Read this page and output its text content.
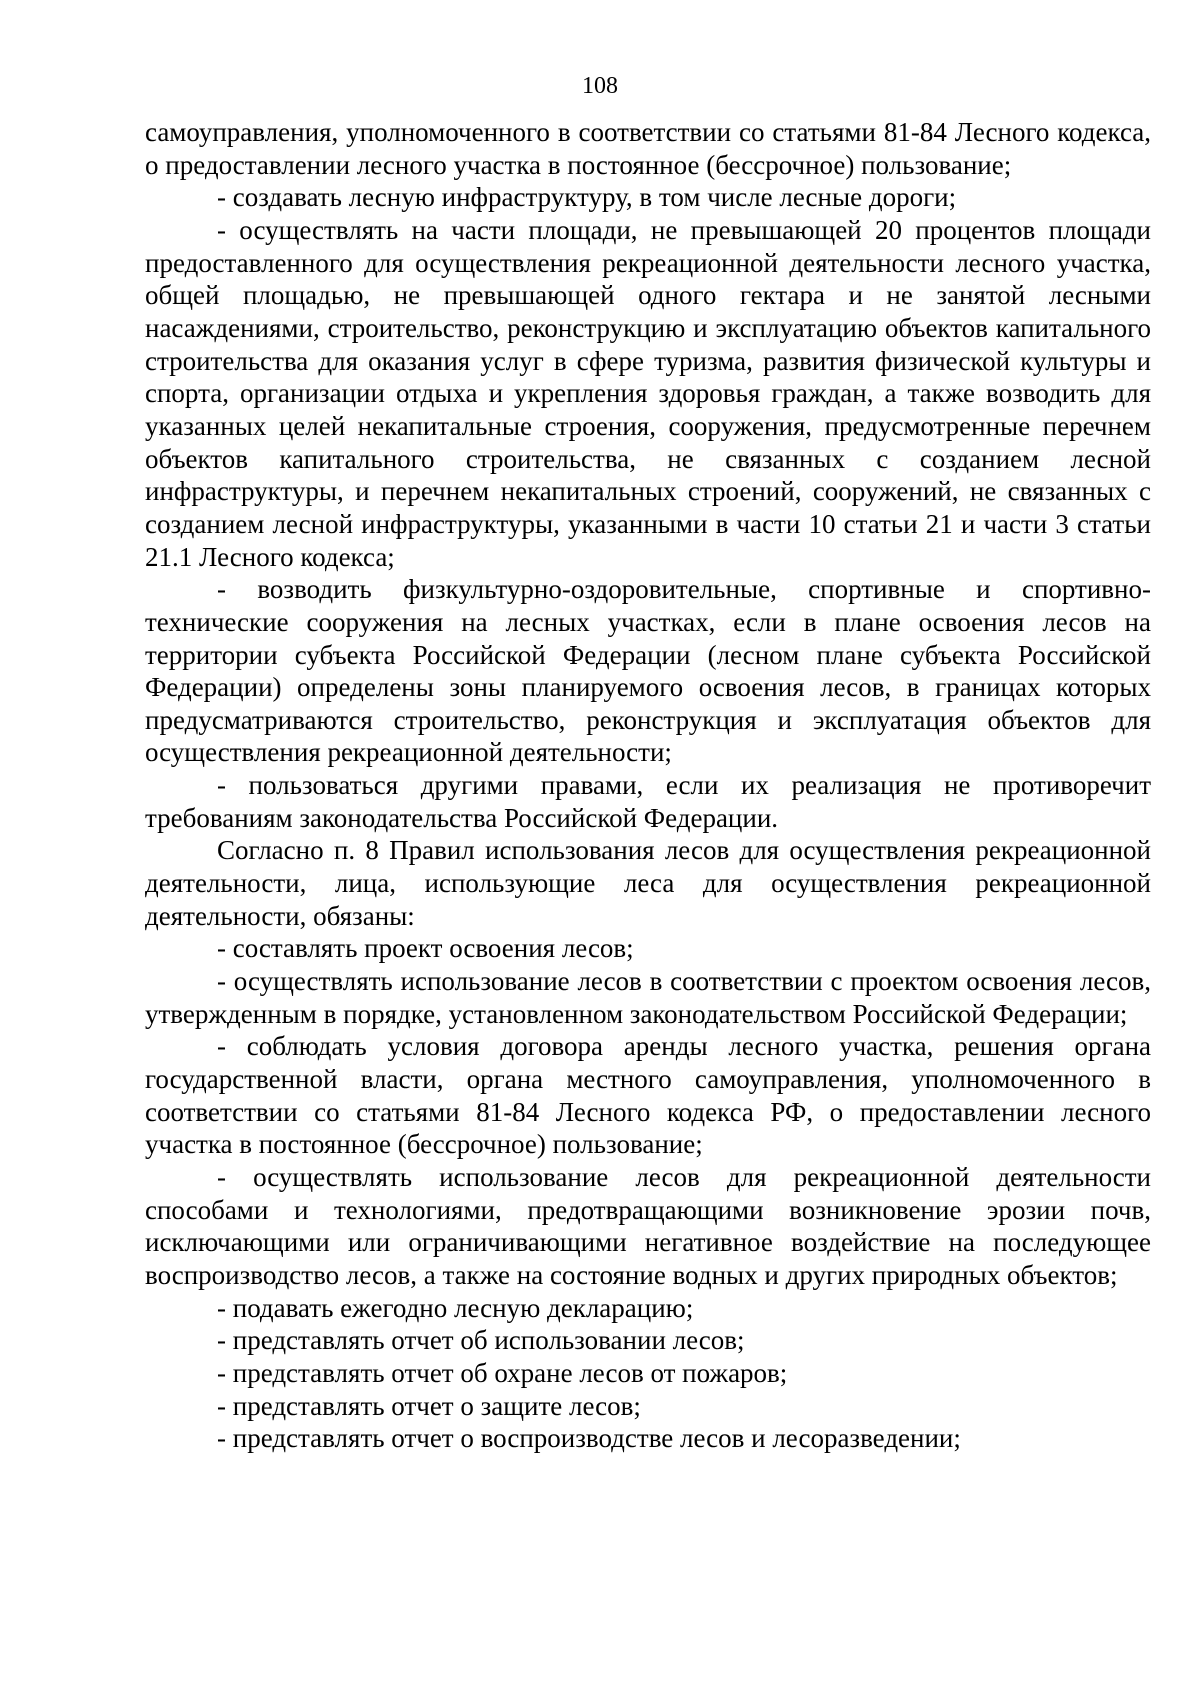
108

самоуправления, уполномоченного в соответствии со статьями 81-84 Лесного кодекса, о предоставлении лесного участка в постоянное (бессрочное) пользование;

- создавать лесную инфраструктуру, в том числе лесные дороги;

- осуществлять на части площади, не превышающей 20 процентов площади предоставленного для осуществления рекреационной деятельности лесного участка, общей площадью, не превышающей одного гектара и не занятой лесными насаждениями, строительство, реконструкцию и эксплуатацию объектов капитального строительства для оказания услуг в сфере туризма, развития физической культуры и спорта, организации отдыха и укрепления здоровья граждан, а также возводить для указанных целей некапитальные строения, сооружения, предусмотренные перечнем объектов капитального строительства, не связанных с созданием лесной инфраструктуры, и перечнем некапитальных строений, сооружений, не связанных с созданием лесной инфраструктуры, указанными в части 10 статьи 21 и части 3 статьи 21.1 Лесного кодекса;

- возводить физкультурно-оздоровительные, спортивные и спортивно-технические сооружения на лесных участках, если в плане освоения лесов на территории субъекта Российской Федерации (лесном плане субъекта Российской Федерации) определены зоны планируемого освоения лесов, в границах которых предусматриваются строительство, реконструкция и эксплуатация объектов для осуществления рекреационной деятельности;

- пользоваться другими правами, если их реализация не противоречит требованиям законодательства Российской Федерации.

Согласно п. 8 Правил использования лесов для осуществления рекреационной деятельности, лица, использующие леса для осуществления рекреационной деятельности, обязаны:

- составлять проект освоения лесов;

- осуществлять использование лесов в соответствии с проектом освоения лесов, утвержденным в порядке, установленном законодательством Российской Федерации;

- соблюдать условия договора аренды лесного участка, решения органа государственной власти, органа местного самоуправления, уполномоченного в соответствии со статьями 81-84 Лесного кодекса РФ, о предоставлении лесного участка в постоянное (бессрочное) пользование;

- осуществлять использование лесов для рекреационной деятельности способами и технологиями, предотвращающими возникновение эрозии почв, исключающими или ограничивающими негативное воздействие на последующее воспроизводство лесов, а также на состояние водных и других природных объектов;

- подавать ежегодно лесную декларацию;

- представлять отчет об использовании лесов;

- представлять отчет об охране лесов от пожаров;

- представлять отчет о защите лесов;

- представлять отчет о воспроизводстве лесов и лесоразведении;
